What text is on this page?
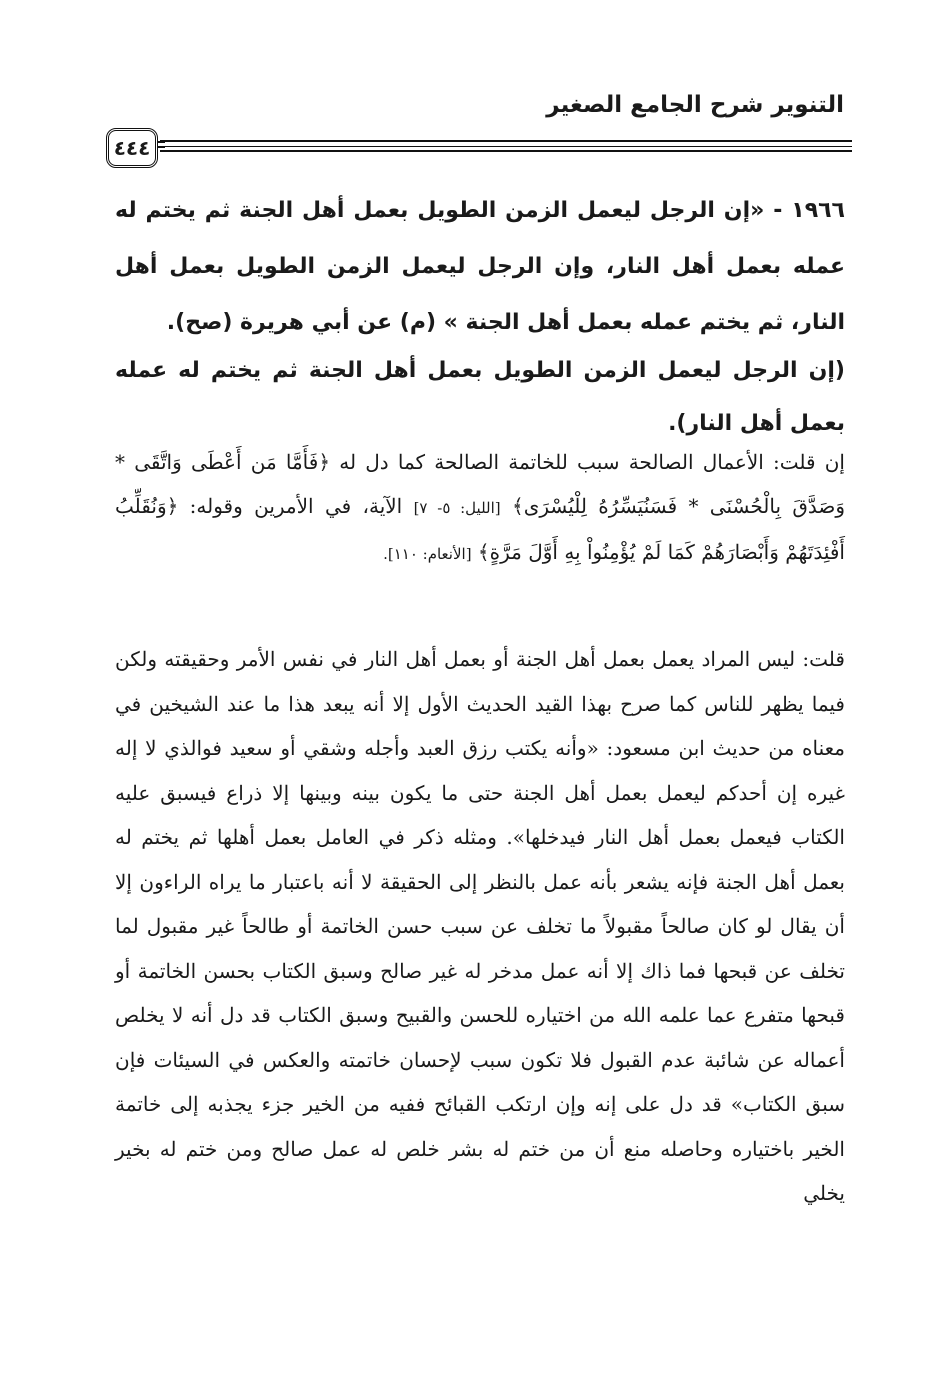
التنوير شرح الجامع الصغير
٤٤٤

١٩٦٦ - «إن الرجل ليعمل الزمن الطويل بعمل أهل الجنة ثم يختم له عمله بعمل أهل النار، وإن الرجل ليعمل الزمن الطويل بعمل أهل النار، ثم يختم عمله بعمل أهل الجنة » (م) عن أبي هريرة (صح).

(إن الرجل ليعمل الزمن الطويل بعمل أهل الجنة ثم يختم له عمله بعمل أهل النار).

إن قلت: الأعمال الصالحة سبب للخاتمة الصالحة كما دل له ﴿فَأَمَّا مَن أَعْطَى وَاتَّقَى * وَصَدَّقَ بِالْحُسْنَى * فَسَنُيَسِّرُهُ لِلْيُسْرَى﴾ [الليل: ٥- ٧] الآية، في الأمرين وقوله: ﴿وَنُقَلِّبُ أَفْئِدَتَهُمْ وَأَبْصَارَهُمْ كَمَا لَمْ يُؤْمِنُواْ بِهِ أَوَّلَ مَرَّةٍ﴾ [الأنعام: ١١٠].

قلت: ليس المراد يعمل بعمل أهل الجنة أو بعمل أهل النار في نفس الأمر وحقيقته ولكن فيما يظهر للناس كما صرح بهذا القيد الحديث الأول إلا أنه يبعد هذا ما عند الشيخين في معناه من حديث ابن مسعود: «وأنه يكتب رزق العبد وأجله وشقي أو سعيد فوالذي لا إله غيره إن أحدكم ليعمل بعمل أهل الجنة حتى ما يكون بينه وبينها إلا ذراع فيسبق عليه الكتاب فيعمل بعمل أهل النار فيدخلها». ومثله ذكر في العامل بعمل أهلها ثم يختم له بعمل أهل الجنة فإنه يشعر بأنه عمل بالنظر إلى الحقيقة لا أنه باعتبار ما يراه الراءون إلا أن يقال لو كان صالحاً مقبولاً ما تخلف عن سبب حسن الخاتمة أو طالحاً غير مقبول لما تخلف عن قبحها فما ذاك إلا أنه عمل مدخر له غير صالح وسبق الكتاب بحسن الخاتمة أو قبحها متفرع عما علمه الله من اختياره للحسن والقبيح وسبق الكتاب قد دل أنه لا يخلص أعماله عن شائبة عدم القبول فلا تكون سبب لإحسان خاتمته والعكس في السيئات فإن سبق الكتاب» قد دل على إنه وإن ارتكب القبائح ففيه من الخير جزء يجذبه إلى خاتمة الخير باختياره وحاصله منع أن من ختم له بشر خلص له عمل صالح ومن ختم له بخير يخلي
